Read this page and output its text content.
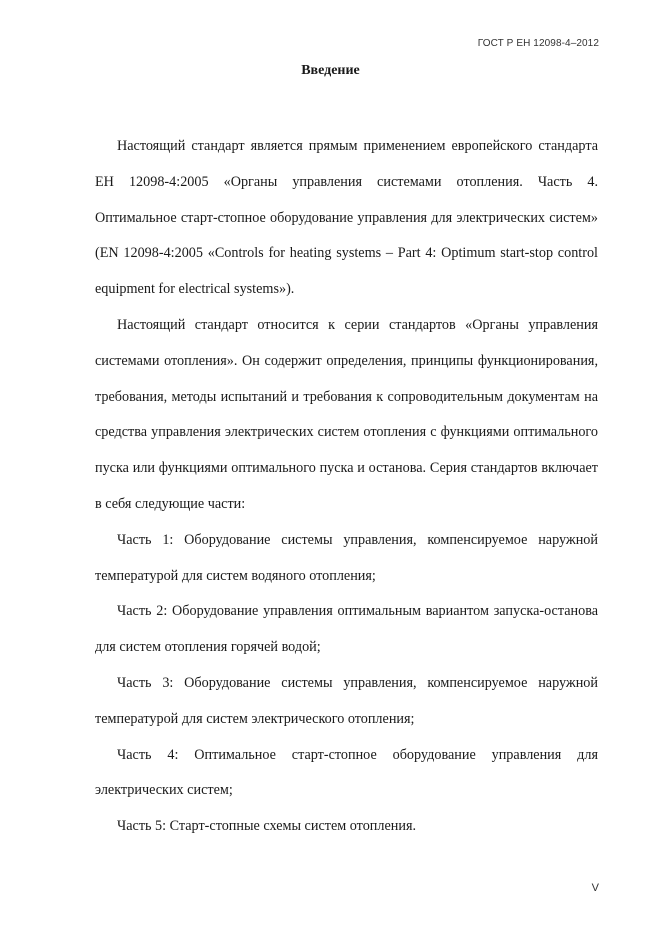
ГОСТ Р ЕН 12098-4–2012
Введение

Настоящий стандарт является прямым применением европейского стандарта ЕН 12098-4:2005 «Органы управления системами отопления. Часть 4. Оптимальное старт-стопное оборудование управления для электрических систем» (EN 12098-4:2005 «Controls for heating systems – Part 4: Optimum start-stop control equipment for electrical systems»).

Настоящий стандарт относится к серии стандартов «Органы управления системами отопления». Он содержит определения, принципы функционирования, требования, методы испытаний и требования к сопроводительным документам на средства управления электрических систем отопления с функциями оптимального пуска или функциями оптимального пуска и останова. Серия стандартов включает в себя следующие части:

Часть 1: Оборудование системы управления, компенсируемое наружной температурой для систем водяного отопления;

Часть 2: Оборудование управления оптимальным вариантом запуска-останова для систем отопления горячей водой;

Часть 3: Оборудование системы управления, компенсируемое наружной температурой для систем электрического отопления;

Часть 4: Оптимальное старт-стопное оборудование управления для электрических систем;

Часть 5: Старт-стопные схемы систем отопления.

V
